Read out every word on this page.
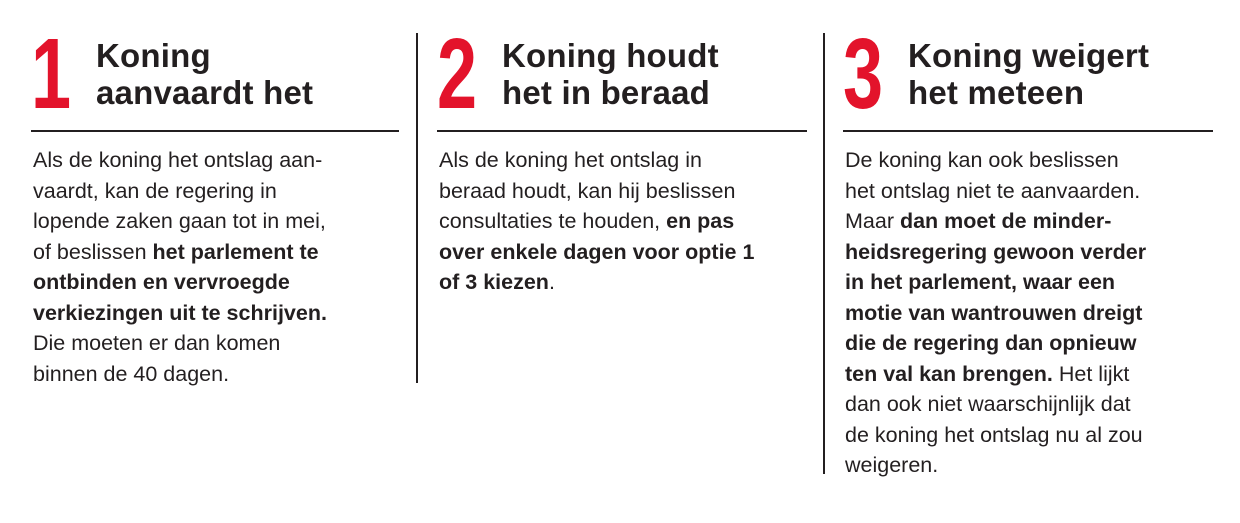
1 Koning
aanvaardt het
Als de koning het ontslag aan-
vaardt, kan de regering in
lopende zaken gaan tot in mei,
of beslissen het parlement te
ontbinden en vervroegde
verkiezingen uit te schrijven.
Die moeten er dan komen
binnen de 40 dagen.
2 Koning houdt
het in beraad
Als de koning het ontslag in
beraad houdt, kan hij beslissen
consultaties te houden, en pas
over enkele dagen voor optie 1
of 3 kiezen.
3 Koning weigert
het meteen
De koning kan ook beslissen
het ontslag niet te aanvaarden.
Maar dan moet de minder-
heidsregering gewoon verder
in het parlement, waar een
motie van wantrouwen dreigt
die de regering dan opnieuw
ten val kan brengen. Het lijkt
dan ook niet waarschijnlijk dat
de koning het ontslag nu al zou
weigeren.
